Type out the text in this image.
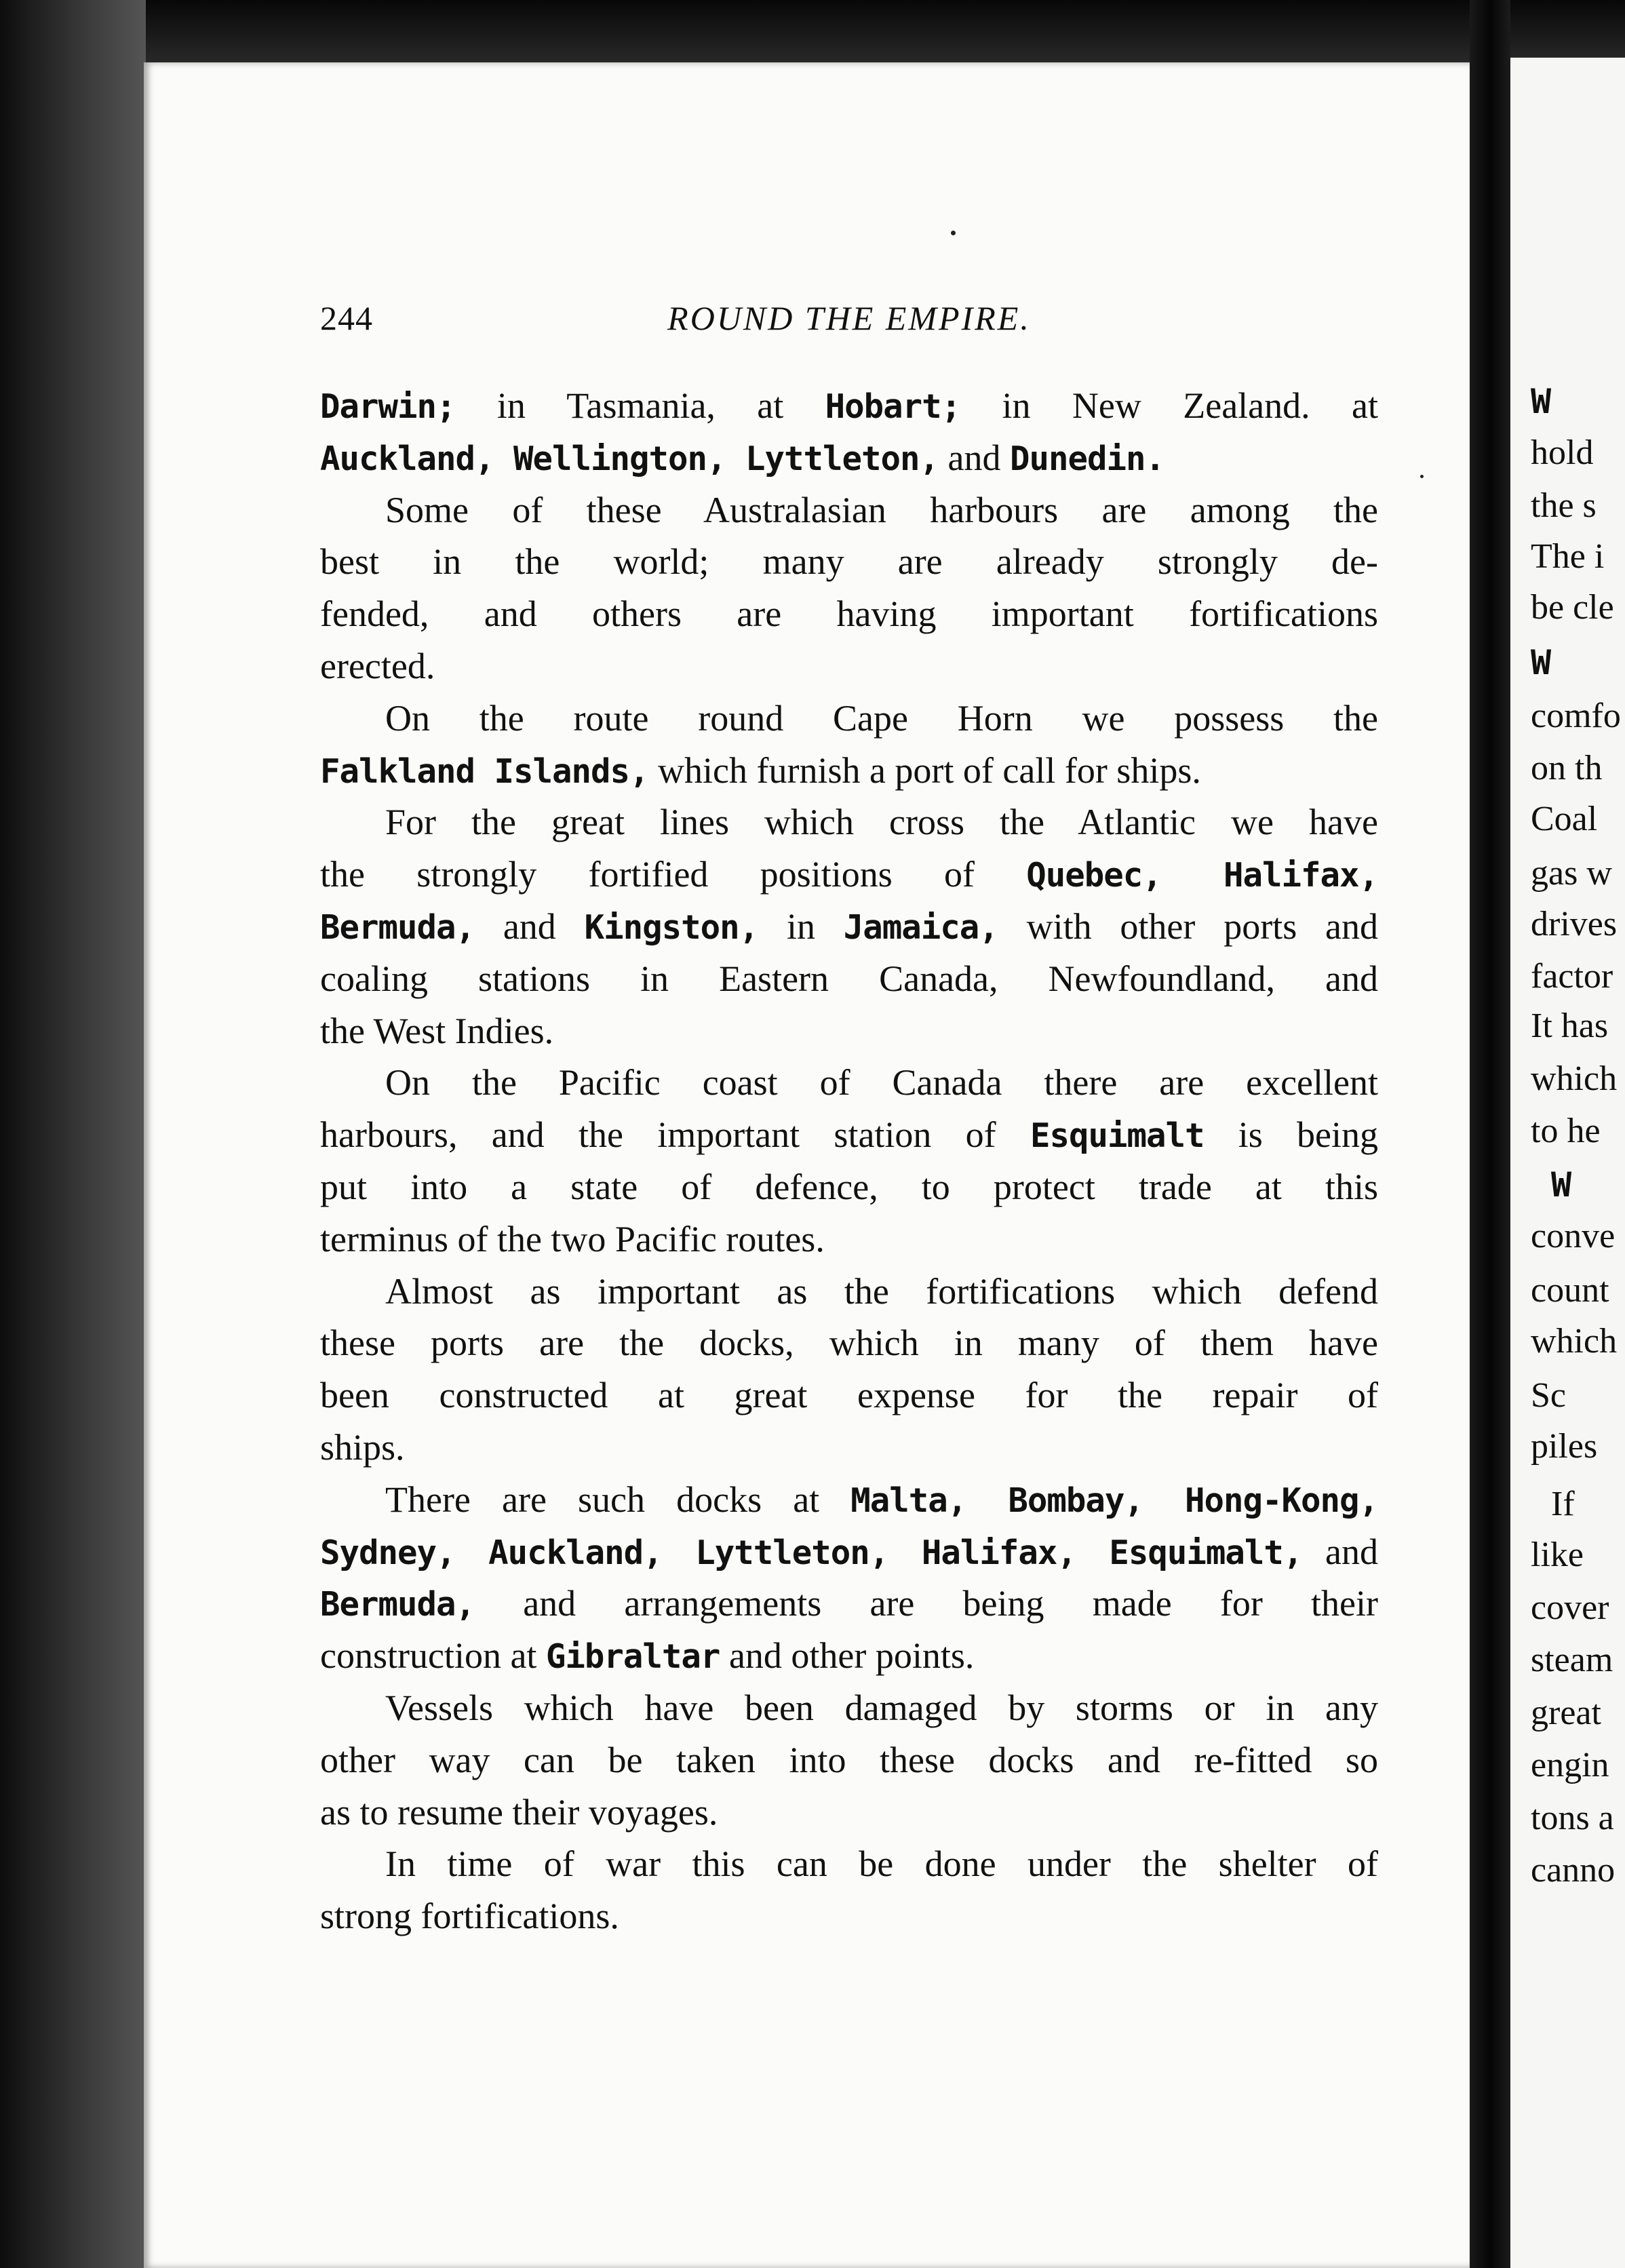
244	ROUND THE EMPIRE.
Darwin; in Tasmania, at Hobart; in New Zealand. at
Auckland, Wellington, Lyttleton, and Dunedin.
Some of these Australasian harbours are among the
best in the world; many are already strongly de-
fended, and others are having important fortifications
erected.
On the route round Cape Horn we possess the
Falkland Islands, which furnish a port of call for ships.
For the great lines which cross the Atlantic we have
the strongly fortified positions of Quebec, Halifax,
Bermuda, and Kingston, in Jamaica, with other ports and
coaling stations in Eastern Canada, Newfoundland, and
the West Indies.
On the Pacific coast of Canada there are excellent
harbours, and the important station of Esquimalt is being
put into a state of defence, to protect trade at this
terminus of the two Pacific routes.
Almost as important as the fortifications which defend
these ports are the docks, which in many of them have
been constructed at great expense for the repair of
ships.
There are such docks at Malta, Bombay, Hong-Kong,
Sydney, Auckland, Lyttleton, Halifax, Esquimalt, and
Bermuda, and arrangements are being made for their
construction at Gibraltar and other points.
Vessels which have been damaged by storms or in any
other way can be taken into these docks and re-fitted so
as to resume their voyages.
In time of war this can be done under the shelter of
strong fortifications.
W
hold
the s
The i
be cle
W
comfo
on th
Coal
gas w
drives
factor
It has
which
to he
W
conve
count
which
Sc
piles
If
like
cover
steam
great
engin
tons a
canno
